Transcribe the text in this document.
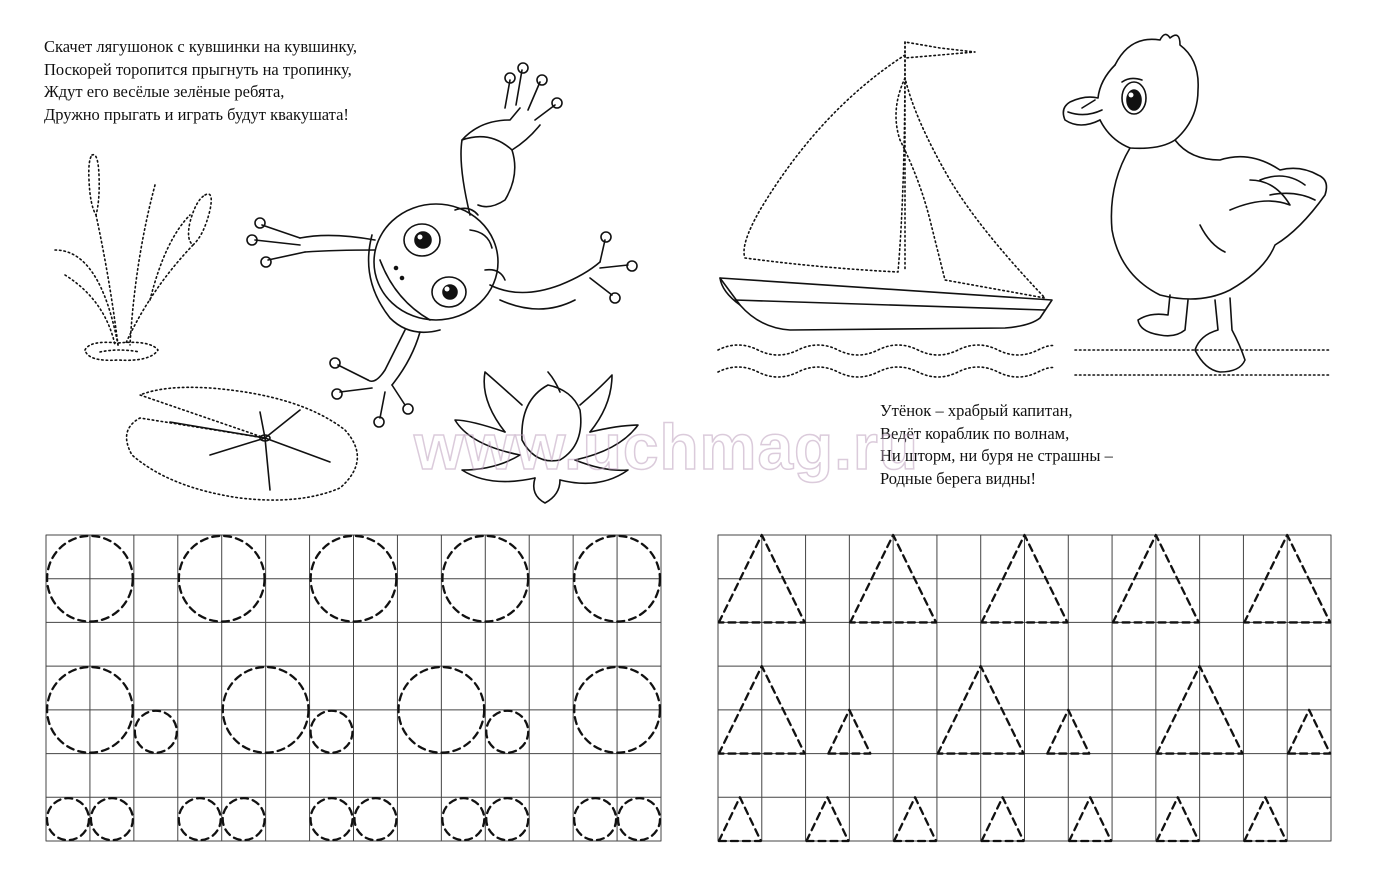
Скачет лягушонок с кувшинки на кувшинку,
Поскорей торопится прыгнуть на тропинку,
Ждут его весёлые зелёные ребята,
Дружно прыгать и играть будут квакушата!
Утёнок – храбрый капитан,
Ведёт кораблик по волнам,
Ни шторм, ни буря не страшны –
Родные берега видны!
www.uchmag.ru
